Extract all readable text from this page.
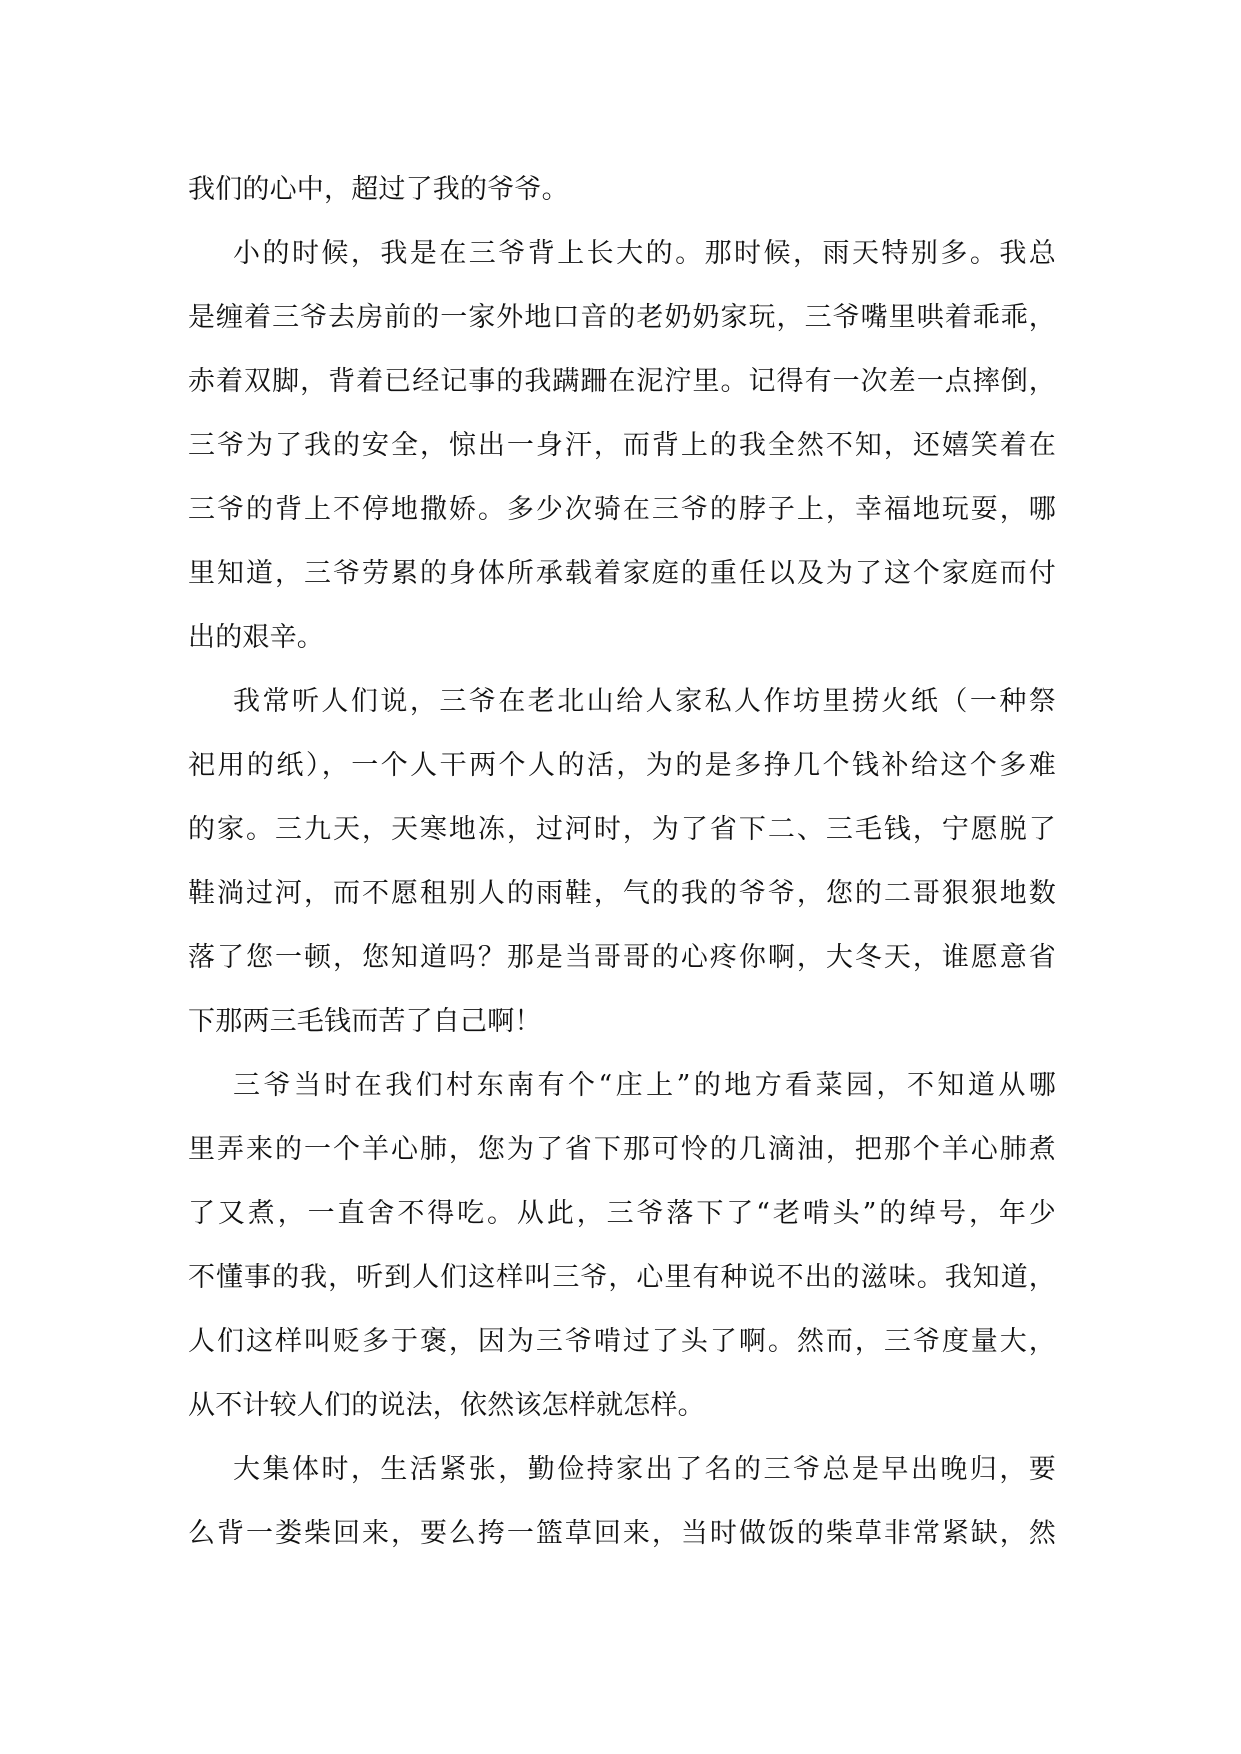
我们的心中，超过了我的爷爷。
小的时候，我是在三爷背上长大的。那时候，雨天特别多。我总
是缠着三爷去房前的一家外地口音的老奶奶家玩，三爷嘴里哄着乖乖，
赤着双脚，背着已经记事的我蹒跚在泥泞里。记得有一次差一点摔倒，
三爷为了我的安全，惊出一身汗，而背上的我全然不知，还嬉笑着在
三爷的背上不停地撒娇。多少次骑在三爷的脖子上，幸福地玩耍，哪
里知道，三爷劳累的身体所承载着家庭的重任以及为了这个家庭而付
出的艰辛。
我常听人们说，三爷在老北山给人家私人作坊里捞火纸（一种祭
祀用的纸），一个人干两个人的活，为的是多挣几个钱补给这个多难
的家。三九天，天寒地冻，过河时，为了省下二、三毛钱，宁愿脱了
鞋淌过河，而不愿租别人的雨鞋，气的我的爷爷，您的二哥狠狠地数
落了您一顿，您知道吗？那是当哥哥的心疼你啊，大冬天，谁愿意省
下那两三毛钱而苦了自己啊！
三爷当时在我们村东南有个“庄上”的地方看菜园，不知道从哪
里弄来的一个羊心肺，您为了省下那可怜的几滴油，把那个羊心肺煮
了又煮，一直舍不得吃。从此，三爷落下了“老啃头”的绰号，年少
不懂事的我，听到人们这样叫三爷，心里有种说不出的滋味。我知道，
人们这样叫贬多于褒，因为三爷啃过了头了啊。然而，三爷度量大，
从不计较人们的说法，依然该怎样就怎样。
大集体时，生活紧张，勤俭持家出了名的三爷总是早出晚归，要
么背一娄柴回来，要么挎一篮草回来，当时做饭的柴草非常紧缺，然
